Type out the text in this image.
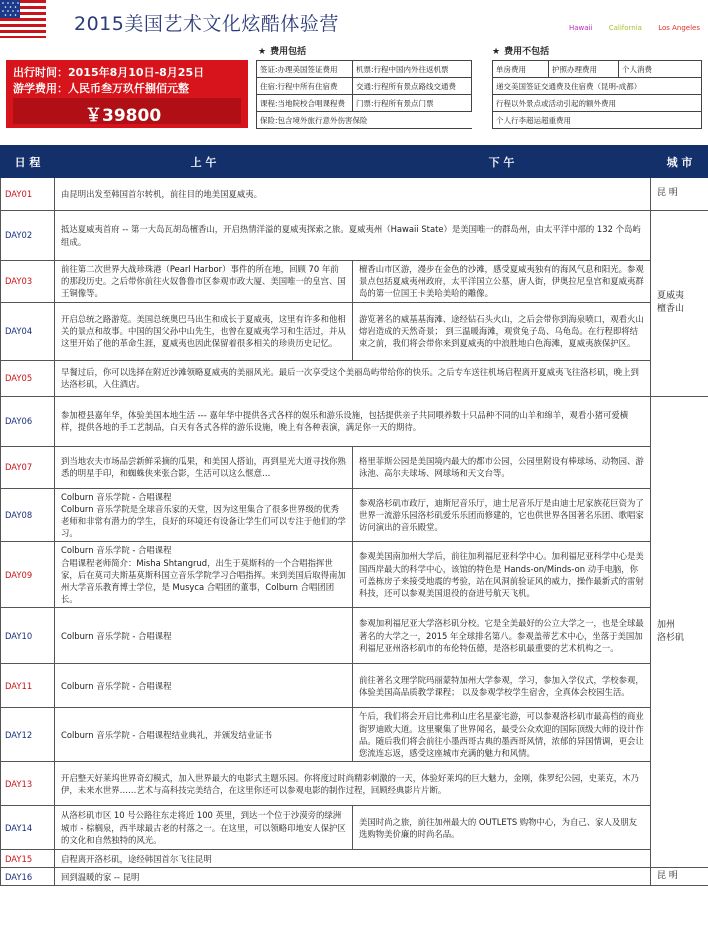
2015美国艺术文化炫酷体验营	Hawaii California Los Angeles
出行时间：2015年8月10日-8月25日
游学费用：人民币叁万玖仟捌佰元整
￥39800
★ 费用包括
签证:办理美国签证费用	机票:行程中国内外往返机票
住宿:行程中所有住宿费	交通:行程所有景点路线交通费
课程:当地院校合唱课程费	门票:行程所有景点门票
保险:包含境外旅行意外伤害保险	
★ 费用不包括
单房费用	护照办理费用	个人消费
递交美国签证交通费及住宿费（昆明-成都）
行程以外景点或活动引起的额外费用
个人行李超运超重费用
日 程	上 午	下 午	城 市
DAY01	由昆明出发至韩国首尔转机，前往目的地美国夏威夷。		昆 明
DAY02	抵达夏威夷首府 -- 第一大岛瓦胡岛檀香山，开启热情洋溢的夏威夷探索之旅。夏威夷州（Hawaii State）是美国唯一的群岛州，由太平洋中部的 132 个岛屿组成。		夏威夷
檀香山
DAY03	前往第二次世界大战珍珠港（Pearl Harbor）事件的所在地，回顾 70 年前的那段历史。之后带你前往火奴鲁鲁市区参观市政大厦、美国唯一的皇宫、国王铜像等。	檀香山市区游，漫步在金色的沙滩，感受夏威夷独有的海风气息和阳光。参观景点包括夏威夷州政府，太平洋国立公墓，唐人街，伊奥拉尼皇宫和夏威夷群岛的第一位国王卡美哈美哈的雕像。	
DAY04	开启总统之路游览。美国总统奥巴马出生和成长于夏威夷，这里有许多和他相关的景点和故事。中国的国父孙中山先生，也曾在夏威夷学习和生活过，并从这里开始了他的革命生涯，夏威夷也因此保留着很多相关的珍贵历史记忆。	游览著名的威基基海滩、途经钻石头火山，之后会带你到海泉喷口，观看火山熔岩造成的天然奇景； 到三温暖海滩，观赏兔子岛、乌龟岛。在行程即将结束之前，我们将会带你来到夏威夷的中浪胜地白色海滩，夏威夷族保护区。	
DAY05	早餐过后，你可以选择在附近沙滩领略夏威夷的美丽风光。最后一次享受这个美丽岛屿带给你的快乐。之后专车送往机场启程离开夏威夷飞往洛杉矶，晚上到达洛杉矶，入住酒店。		
DAY06	参加橙县嘉年华，体验美国本地生活 --- 嘉年华中提供各式各样的娱乐和游乐设施，包括提供亲子共同喂养数十只品种不同的山羊和绵羊，观看小猪可爱横样，提供各地的手工艺制品，白天有各式各样的游乐设施，晚上有各种表演，满足你一天的期待。		加州
洛杉矶
DAY07	到当地农夫市场品尝新鲜采摘的瓜果，和美国人搭讪，再到星光大道寻找你熟悉的明星手印，和蜘蛛侠来张合影，生活可以这么惬意…	格里菲斯公园是美国境内最大的都市公园，公园里附设有棒球场、动物园、游泳池、高尔夫球场、网球场和天文台等。	
DAY08	Colburn 音乐学院 - 合唱课程
Colburn 音乐学院是全球音乐家的天堂，因为这里集合了很多世界级的优秀老师和非常有潜力的学生，良好的环境还有设备让学生们可以专注于他们的学习。	参观洛杉矶市政厅，迪斯尼音乐厅，迪士尼音乐厅是由迪士尼家族花巨资为了世界一流游乐园洛杉矶爱乐乐团而修建的，它也供世界各国著名乐团、歌唱家访问演出的音乐殿堂。	
DAY09	Colburn 音乐学院 - 合唱课程
合唱课程老师简介：Misha Shtangrud，出生于莫斯科的一个合唱指挥世家，后在莫司夫斯基莫斯科国立音乐学院学习合唱指挥。来到美国后取得南加州大学音乐教育博士学位，是 Musyca 合唱团的董事，Colburn 合唱团团长。	参观美国南加州大学后，前往加利福尼亚科学中心。加利福尼亚科学中心是美国西岸最大的科学中心，该馆的特色是 Hands-on/Minds-on 动手电脑，你可盖栋房子来接受地震的考验，站在风洞前验证风的威力，操作最新式的雷射科技，还可以参观美国退役的奋进号航天飞机。	
DAY10	Colburn 音乐学院 - 合唱课程	参观加利福尼亚大学洛杉矶分校。它是全美最好的公立大学之一，也是全球最著名的大学之一，2015 年全球排名第八。参观盖蒂艺术中心，坐落于美国加利福尼亚州洛杉矶市的布伦特伍德，是洛杉矶最重要的艺术机构之一。	
DAY11	Colburn 音乐学院 - 合唱课程	前往著名文理学院玛丽蒙特加州大学参观，学习，参加入学仪式，学校参观，体验美国高品质教学课程； 以及参观学校学生宿舍，全真体会校园生活。	
DAY12	Colburn 音乐学院 - 合唱课程结业典礼，并颁发结业证书	午后，我们将会开启比弗利山庄名星豪宅游，可以参观洛杉矶市最高档的商业街罗迪欧大道。这里聚集了世界闻名，最受公众欢迎的国际顶级大师的设计作品。随后我们将会前往小墨西哥古典的墨西哥风情，浓郁的异国情调，更会让您流连忘返，感受这座城市充满的魅力和风情。	
DAY13	开启整天好莱坞世界奇幻模式，加入世界最大的电影式主题乐园。你将度过时尚精彩刺激的一天，体验好莱坞的巨大魅力，金刚，侏罗纪公园，史莱克，木乃伊，未来水世界……艺术与高科技完美结合，在这里你还可以参观电影的制作过程，回顾经典影片片断。		
DAY14	从洛杉矶市区 10 号公路往东走将近 100 英里，到达一个位于沙漠旁的绿洲城市 - 棕榈泉，西半球最古老的村落之一。在这里，可以领略印地安人保护区的文化和自然独特的风光。	美国时尚之旅，前往加州最大的 OUTLETS 购物中心，为自己、家人及朋友选购物美价廉的时尚名品。	
DAY15	启程离开洛杉矶，途经韩国首尔飞往昆明		
DAY16	回到温暖的家 -- 昆明		昆 明
